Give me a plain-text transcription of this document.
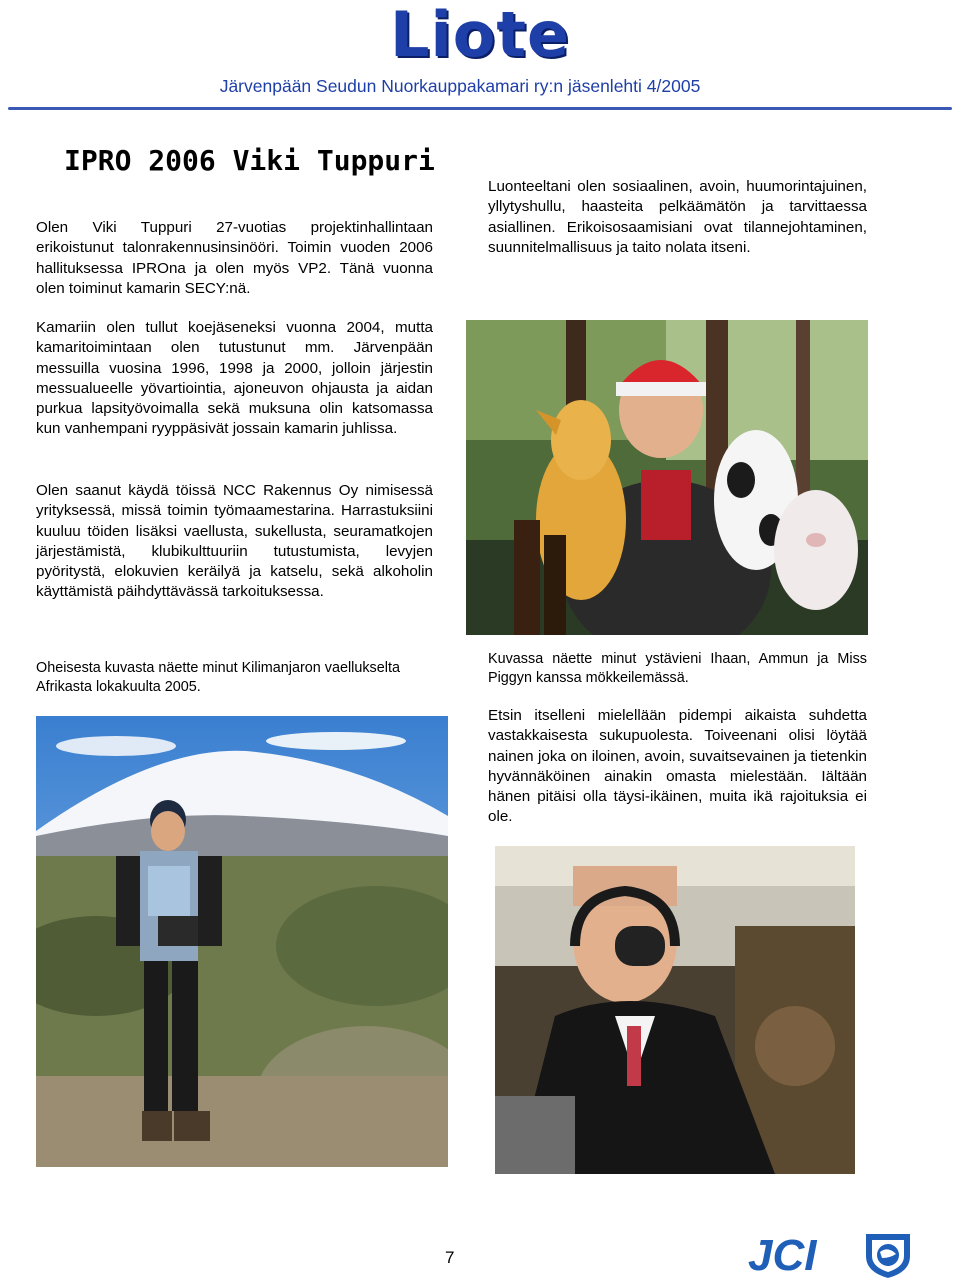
Liote
Järvenpään Seudun Nuorkauppakamari ry:n jäsenlehti 4/2005
IPRO 2006 Viki Tuppuri
Olen Viki Tuppuri 27-vuotias projektinhallintaan erikoistunut talonrakennusinsinööri. Toimin vuoden 2006 hallituksessa IPROna ja olen myös VP2. Tänä vuonna olen toiminut kamarin SECY:nä.
Kamariin olen tullut koejäseneksi vuonna 2004, mutta kamaritoimintaan olen tutustunut mm. Järvenpään messuilla vuosina 1996, 1998 ja 2000, jolloin järjestin messualueelle yövartiointia, ajoneuvon ohjausta ja aidan purkua lapsityövoimalla sekä muksuna olin katsomassa kun vanhempani ryyppäsivät jossain kamarin juhlissa.
Olen saanut käydä töissä NCC Rakennus Oy nimisessä yrityksessä, missä toimin työmaamestarina. Harrastuksiini kuuluu töiden lisäksi vaellusta, sukellusta, seuramatkojen järjestämistä, klubikulttuuriin tutustumista, levyjen pyöritystä, elokuvien keräilyä ja katselu, sekä alkoholin käyttämistä päihdyttävässä tarkoituksessa.
Oheisesta kuvasta näette minut Kilimanjaron vaellukselta Afrikasta lokakuulta 2005.
Luonteeltani olen sosiaalinen, avoin, huumorintajuinen, yllytyshullu, haasteita pelkäämätön ja tarvittaessa asiallinen. Erikoisosaamisiani ovat tilannejohtaminen, suunnitelmallisuus ja taito nolata itseni.
Kuvassa näette minut ystävieni Ihaan, Ammun ja Miss Piggyn kanssa mökkeilemässä.
Etsin itselleni mielellään pidempi aikaista suhdetta vastakkaisesta sukupuolesta. Toiveenani olisi löytää nainen joka on iloinen, avoin, suvaitsevainen ja tietenkin hyvännäköinen ainakin omasta mielestään. Iältään hänen pitäisi olla täysi-ikäinen, muita ikä rajoituksia ei ole.
7	JCI
